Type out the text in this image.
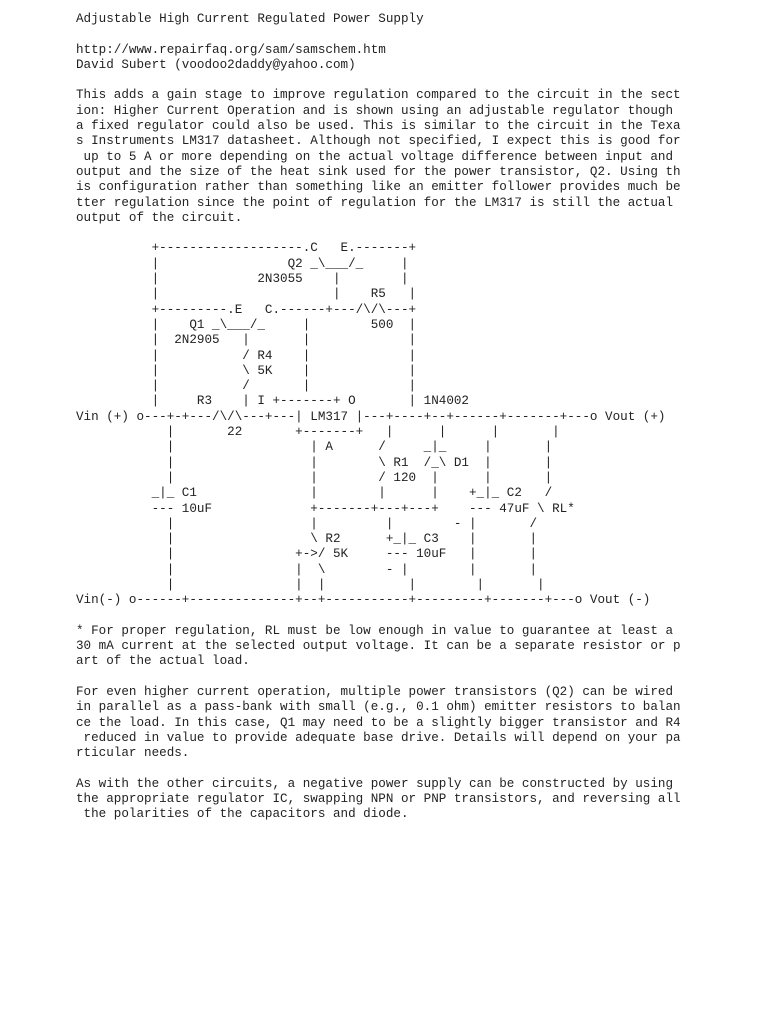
Adjustable High Current Regulated Power Supply
http://www.repairfaq.org/sam/samschem.htm
David Subert (voodoo2daddy@yahoo.com)
This adds a gain stage to improve regulation compared to the circuit in the sect
ion: Higher Current Operation and is shown using an adjustable regulator though
a fixed regulator could also be used. This is similar to the circuit in the Texa
s Instruments LM317 datasheet. Although not specified, I expect this is good for
up to 5 A or more depending on the actual voltage difference between input and
output and the size of the heat sink used for the power transistor, Q2. Using th
is configuration rather than something like an emitter follower provides much be
tter regulation since the point of regulation for the LM317 is still the actual
output of the circuit.
+-------------------.C   E.-------+
|                 Q2 _\___/_     |
|             2N3055    |        |
|                       |    R5   |
+---------.E   C.------+---/\/\---+
|    Q1 _\___/_     |        500  |
|  2N2905   |       |             |
|           / R4    |             |
|           \ 5K    |             |
|           /       |             |
|     R3    | I +-------+ O       | 1N4002
Vin (+) o---+-+---/\/\---+---| LM317 |---+----+--+------+-------+---o Vout (+)
|       22       +-------+   |      |      |       |
|                  | A      /     _|_     |       |
|                  |        \ R1  /_\ D1  |       |
|                  |        / 120  |      |       |
_|_ C1               |        |      |    +_|_ C2   /
--- 10uF             +-------+---+---+    --- 47uF \ RL*
|                  |         |        - |       /
|                  \ R2      +_|_ C3    |       |
|                +->/ 5K     --- 10uF   |       |
|                |  \        - |        |       |
|                |  |           |        |       |
Vin(-) o------+--------------+--+-----------+---------+-------+---o Vout (-)
* For proper regulation, RL must be low enough in value to guarantee at least a
30 mA current at the selected output voltage. It can be a separate resistor or p
art of the actual load.
For even higher current operation, multiple power transistors (Q2) can be wired
in parallel as a pass-bank with small (e.g., 0.1 ohm) emitter resistors to balan
ce the load. In this case, Q1 may need to be a slightly bigger transistor and R4
reduced in value to provide adequate base drive. Details will depend on your pa
rticular needs.
As with the other circuits, a negative power supply can be constructed by using
the appropriate regulator IC, swapping NPN or PNP transistors, and reversing all
the polarities of the capacitors and diode.
